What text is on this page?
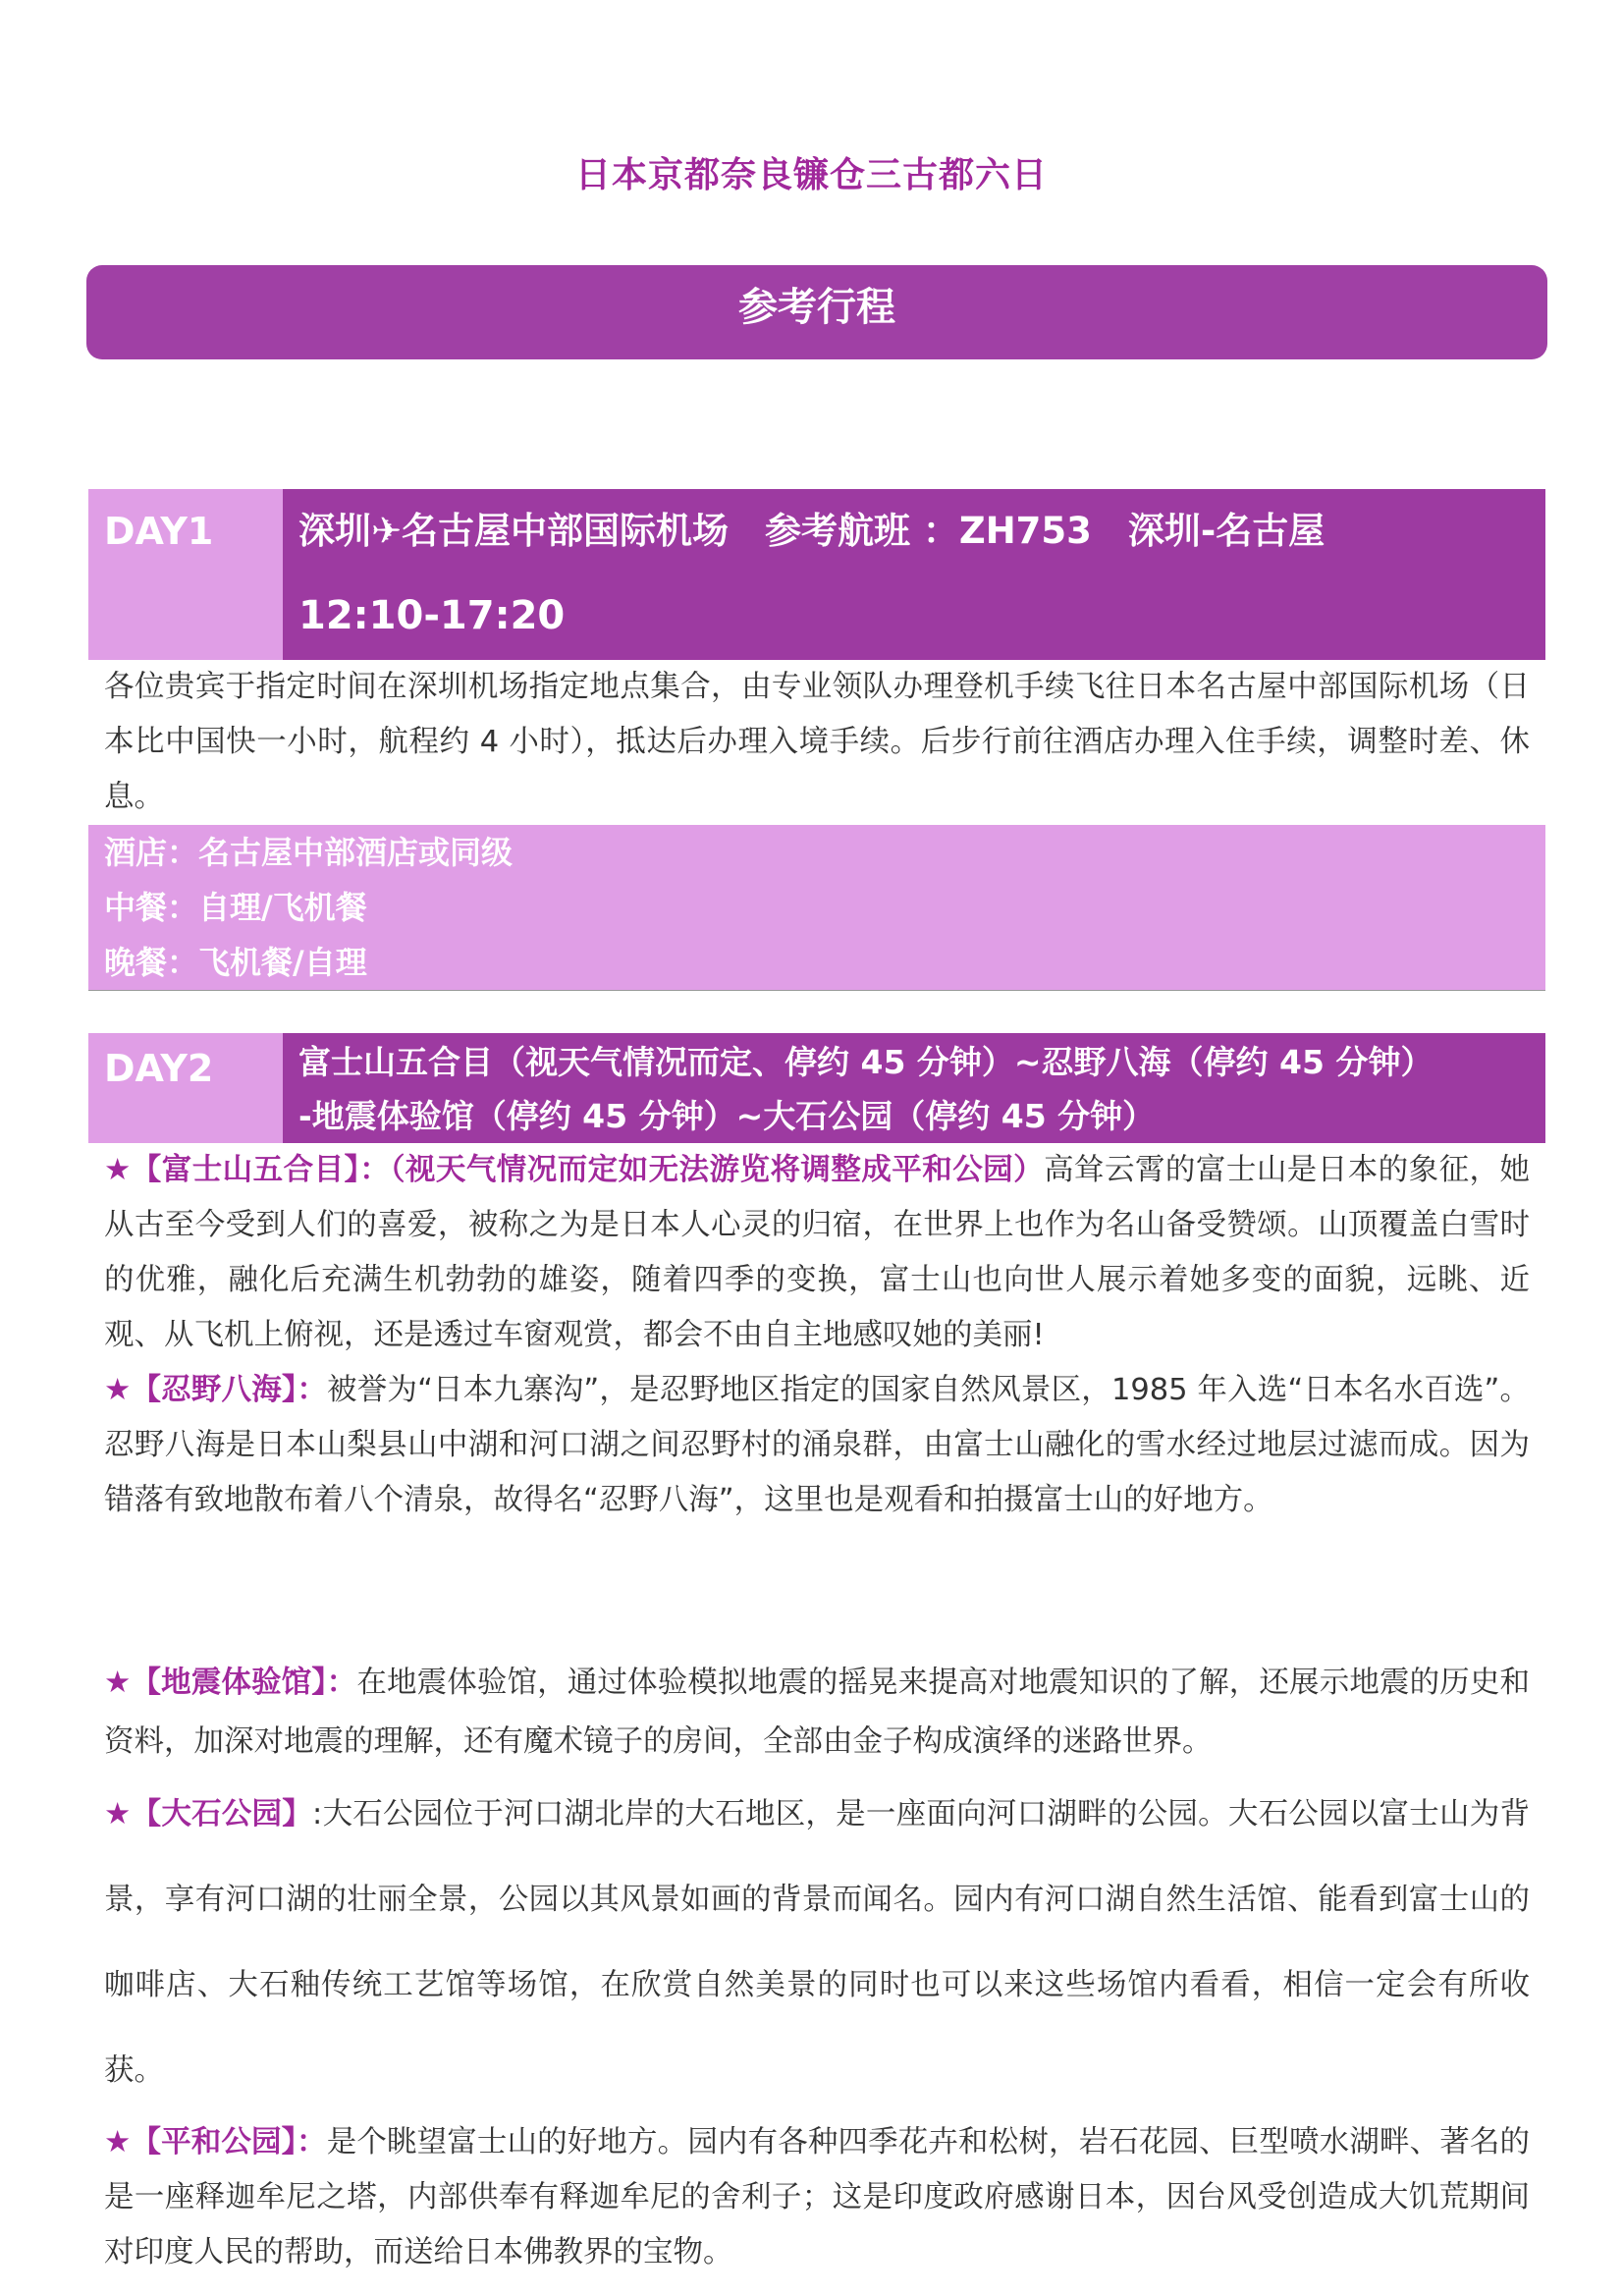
日本京都奈良镰仓三古都六日
参考行程
DAY1	深圳✈名古屋中部国际机场　参考航班 ：ZH753　深圳-名古屋
12:10-17:20
各位贵宾于指定时间在深圳机场指定地点集合，由专业领队办理登机手续飞往日本名古屋中部国际机场（日本比中国快一小时，航程约 4 小时），抵达后办理入境手续。后步行前往酒店办理入住手续，调整时差、休息。
酒店：名古屋中部酒店或同级
中餐：自理/飞机餐
晚餐：飞机餐/自理
DAY2	富士山五合目（视天气情况而定、停约 45 分钟）~忍野八海（停约 45 分钟）
-地震体验馆（停约 45 分钟）~大石公园（停约 45 分钟）
★【富士山五合目】：（视天气情况而定如无法游览将调整成平和公园）高耸云霄的富士山是日本的象征，她从古至今受到人们的喜爱，被称之为是日本人心灵的归宿，在世界上也作为名山备受赞颂。山顶覆盖白雪时的优雅，融化后充满生机勃勃的雄姿，随着四季的变换，富士山也向世人展示着她多变的面貌，远眺、近观、从飞机上俯视，还是透过车窗观赏，都会不由自主地感叹她的美丽!
★【忍野八海】：被誉为“日本九寨沟”，是忍野地区指定的国家自然风景区，1985 年入选“日本名水百选”。忍野八海是日本山梨县山中湖和河口湖之间忍野村的涌泉群，由富士山融化的雪水经过地层过滤而成。因为错落有致地散布着八个清泉，故得名“忍野八海”，这里也是观看和拍摄富士山的好地方。
★【地震体验馆】：在地震体验馆，通过体验模拟地震的摇晃来提高对地震知识的了解，还展示地震的历史和资料，加深对地震的理解，还有魔术镜子的房间，全部由金子构成演绎的迷路世界。
★【大石公园】:大石公园位于河口湖北岸的大石地区，是一座面向河口湖畔的公园。大石公园以富士山为背景，享有河口湖的壮丽全景，公园以其风景如画的背景而闻名。园内有河口湖自然生活馆、能看到富士山的咖啡店、大石釉传统工艺馆等场馆，在欣赏自然美景的同时也可以来这些场馆内看看，相信一定会有所收获。
★【平和公园】：是个眺望富士山的好地方。园内有各种四季花卉和松树，岩石花园、巨型喷水湖畔、著名的是一座释迦牟尼之塔，内部供奉有释迦牟尼的舍利子；这是印度政府感谢日本，因台风受创造成大饥荒期间对印度人民的帮助，而送给日本佛教界的宝物。
